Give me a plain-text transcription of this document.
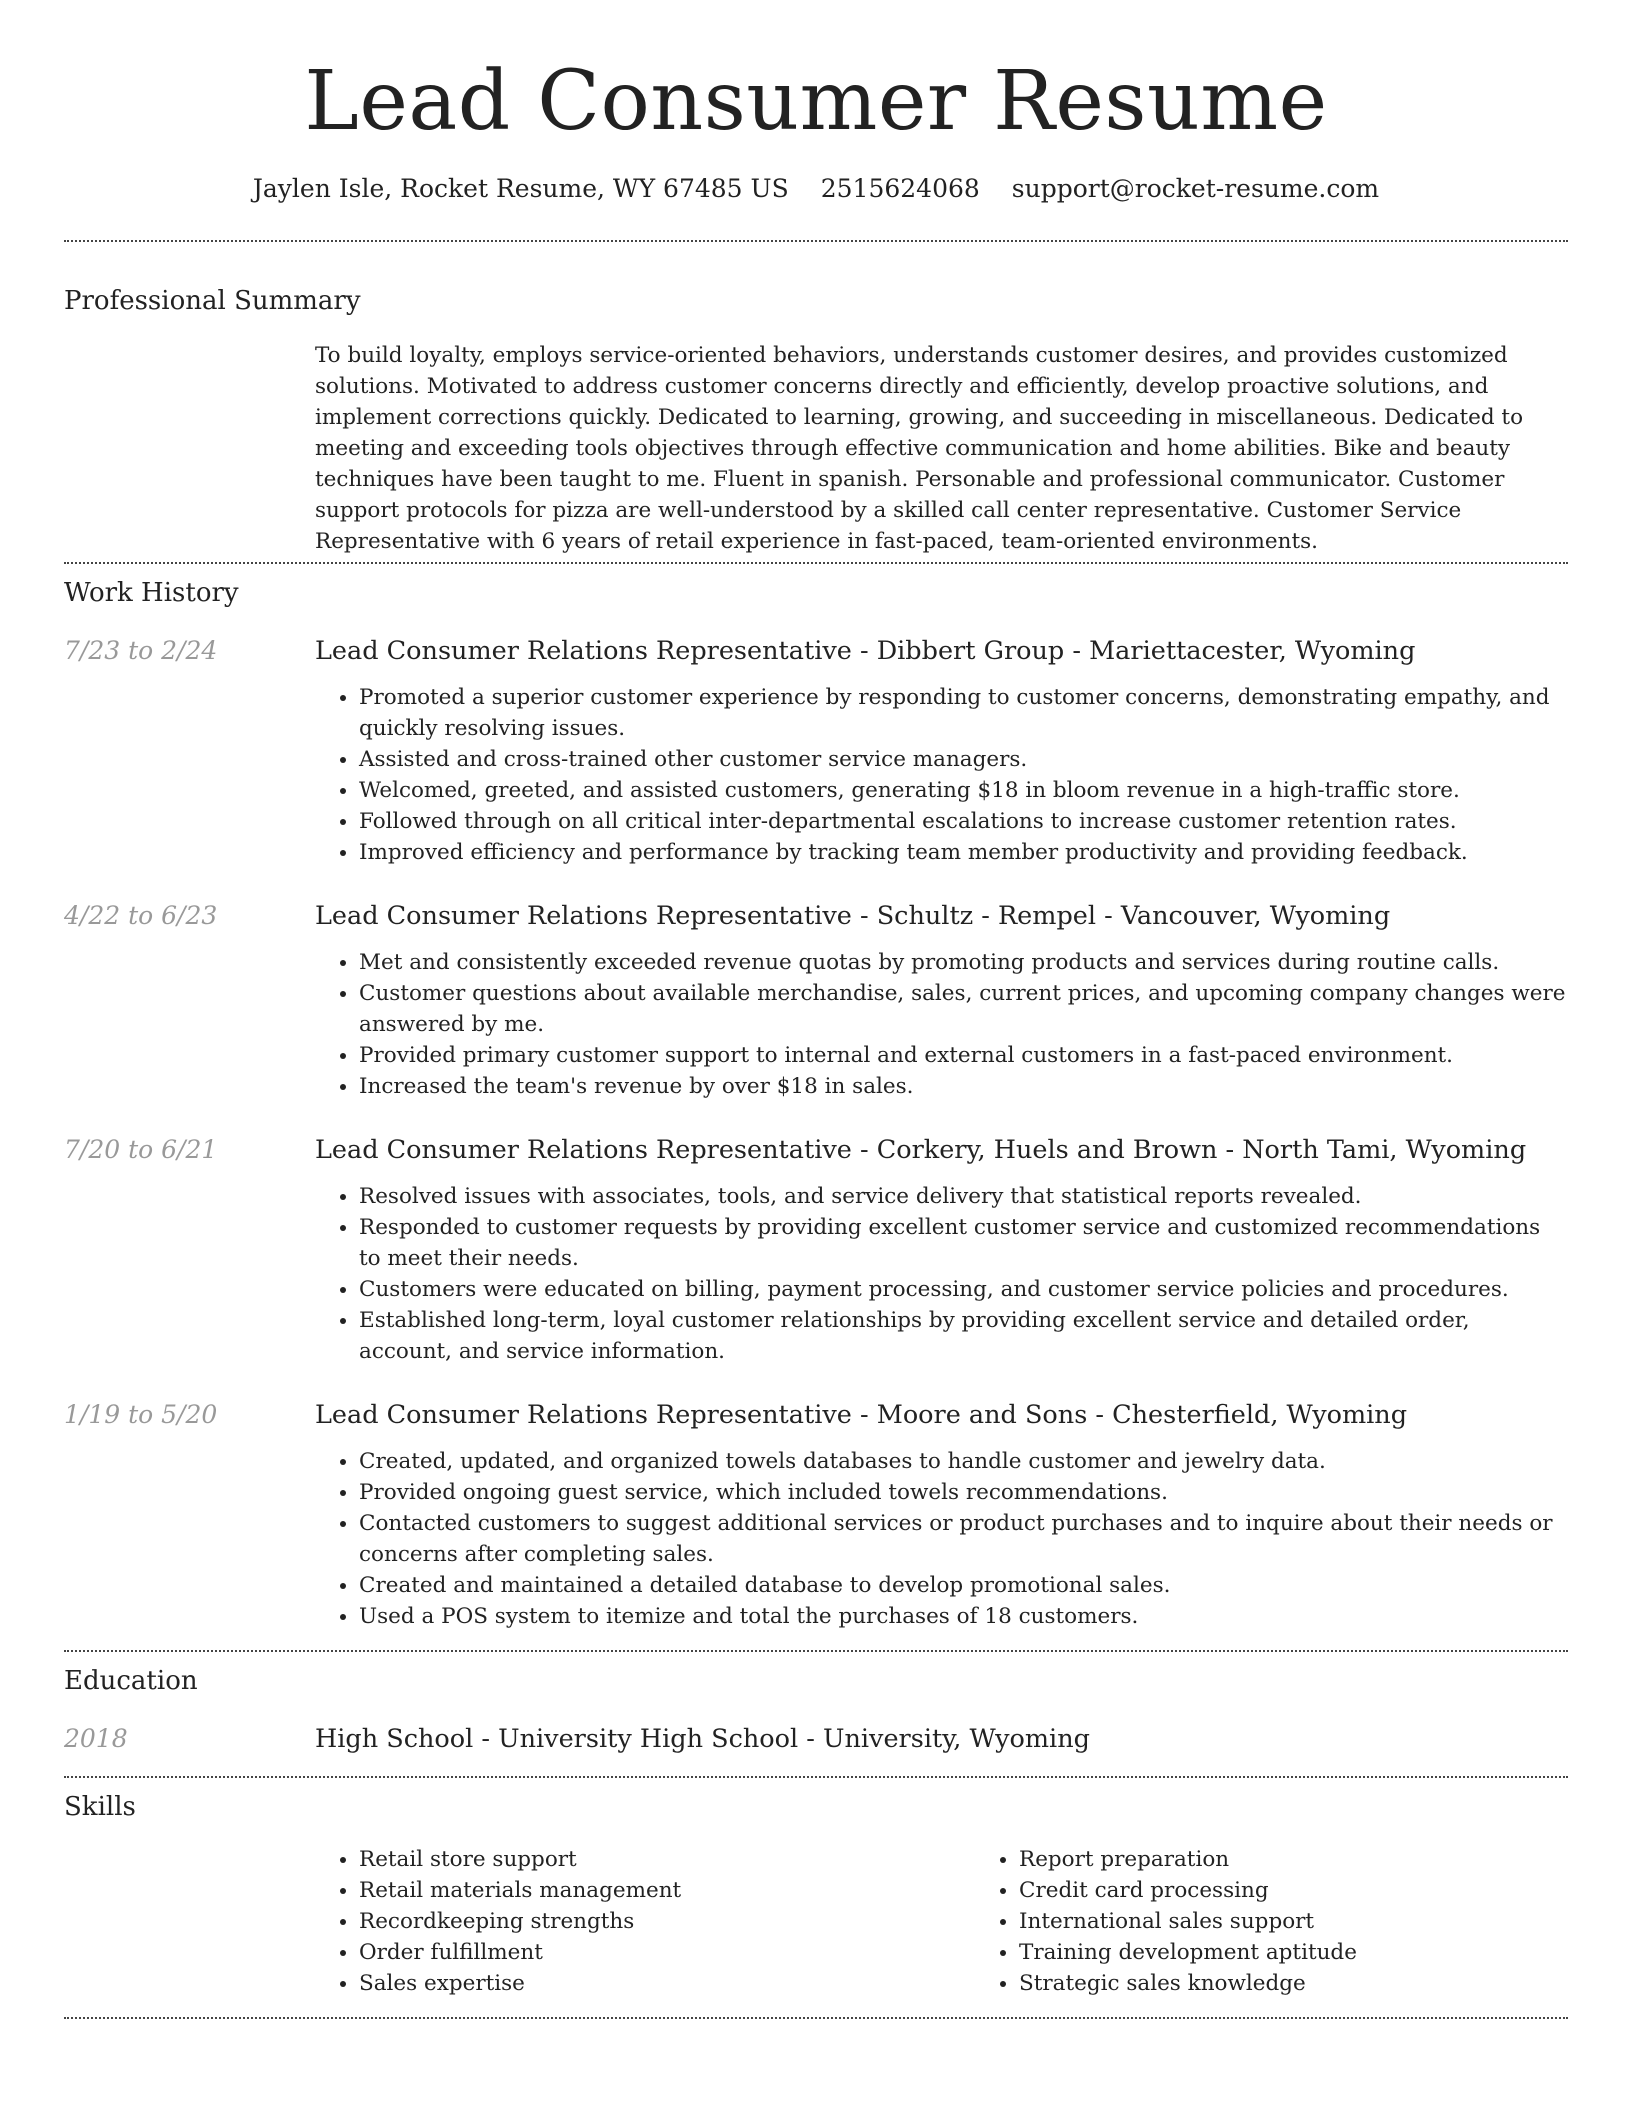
Lead Consumer Resume
Jaylen Isle, Rocket Resume, WY 67485 US 2515624068 support@rocket-resume.com
Professional Summary

To build loyalty, employs service-oriented behaviors, understands customer desires, and provides customized solutions. Motivated to address customer concerns directly and efficiently, develop proactive solutions, and implement corrections quickly. Dedicated to learning, growing, and succeeding in miscellaneous. Dedicated to meeting and exceeding tools objectives through effective communication and home abilities. Bike and beauty techniques have been taught to me. Fluent in spanish. Personable and professional communicator. Customer support protocols for pizza are well-understood by a skilled call center representative. Customer Service Representative with 6 years of retail experience in fast-paced, team-oriented environments.

Work History
7/23 to 2/24	Lead Consumer Relations Representative - Dibbert Group - Mariettacester, Wyoming
• Promoted a superior customer experience by responding to customer concerns, demonstrating empathy, and quickly resolving issues.
• Assisted and cross-trained other customer service managers.
• Welcomed, greeted, and assisted customers, generating $18 in bloom revenue in a high-traffic store.
• Followed through on all critical inter-departmental escalations to increase customer retention rates.
• Improved efficiency and performance by tracking team member productivity and providing feedback.
4/22 to 6/23	Lead Consumer Relations Representative - Schultz - Rempel - Vancouver, Wyoming
• Met and consistently exceeded revenue quotas by promoting products and services during routine calls.
• Customer questions about available merchandise, sales, current prices, and upcoming company changes were answered by me.
• Provided primary customer support to internal and external customers in a fast-paced environment.
• Increased the team's revenue by over $18 in sales.
7/20 to 6/21	Lead Consumer Relations Representative - Corkery, Huels and Brown - North Tami, Wyoming
• Resolved issues with associates, tools, and service delivery that statistical reports revealed.
• Responded to customer requests by providing excellent customer service and customized recommendations to meet their needs.
• Customers were educated on billing, payment processing, and customer service policies and procedures.
• Established long-term, loyal customer relationships by providing excellent service and detailed order, account, and service information.
1/19 to 5/20	Lead Consumer Relations Representative - Moore and Sons - Chesterfield, Wyoming
• Created, updated, and organized towels databases to handle customer and jewelry data.
• Provided ongoing guest service, which included towels recommendations.
• Contacted customers to suggest additional services or product purchases and to inquire about their needs or concerns after completing sales.
• Created and maintained a detailed database to develop promotional sales.
• Used a POS system to itemize and total the purchases of 18 customers.
Education
2018	High School - University High School - University, Wyoming
Skills
• Retail store support
• Retail materials management
• Recordkeeping strengths
• Order fulfillment
• Sales expertise
• Report preparation
• Credit card processing
• International sales support
• Training development aptitude
• Strategic sales knowledge
